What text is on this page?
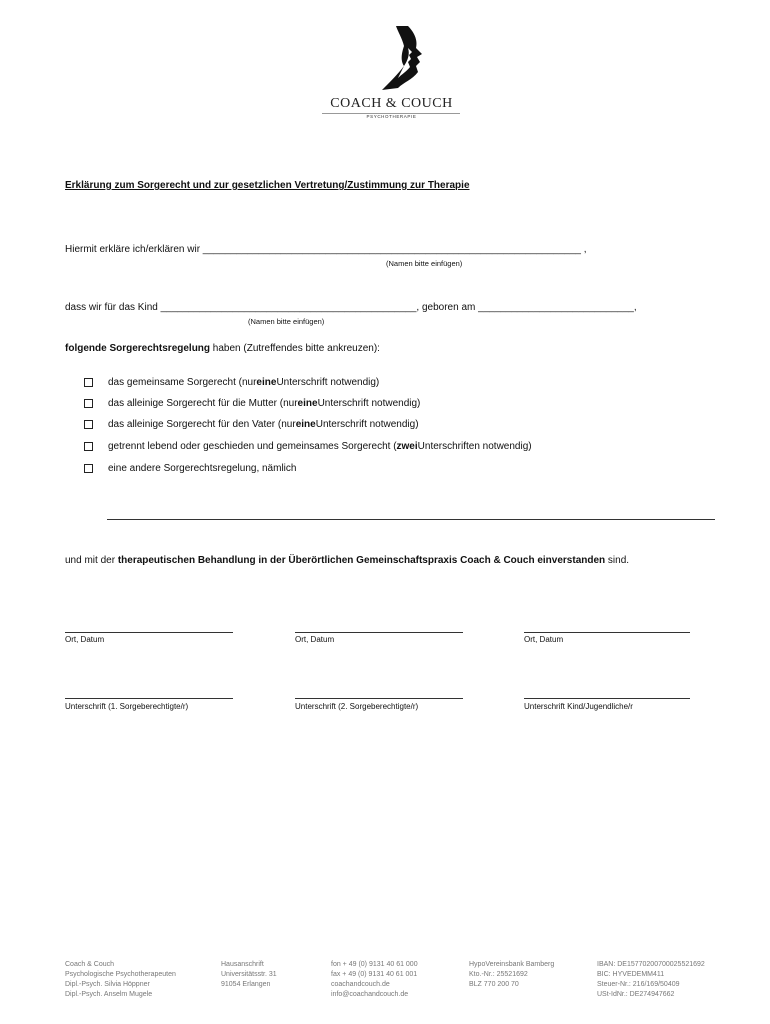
COACH & COUCH
PSYCHOTHERAPIE
Erklärung zum Sorgerecht und zur gesetzlichen Vertretung/Zustimmung zur Therapie
Hiermit erkläre ich/erklären wir ____________________________________________________________________ ,
(Namen bitte einfügen)
dass wir für das Kind ______________________________________________, geboren am ____________________________,
(Namen bitte einfügen)
folgende Sorgerechtsregelung haben (Zutreffendes bitte ankreuzen):
das gemeinsame Sorgerecht (nur eine Unterschrift notwendig)
das alleinige Sorgerecht für die Mutter (nur eine Unterschrift notwendig)
das alleinige Sorgerecht für den Vater (nur eine Unterschrift notwendig)
getrennt lebend oder geschieden und gemeinsames Sorgerecht ( zwei Unterschriften notwendig)
eine andere Sorgerechtsregelung, nämlich
und mit der therapeutischen Behandlung in der Überörtlichen Gemeinschaftspraxis Coach & Couch einverstanden sind.
Ort, Datum	Ort, Datum	Ort, Datum
Unterschrift (1. Sorgeberechtigte/r)	Unterschrift (2. Sorgeberechtigte/r)	Unterschrift Kind/Jugendliche/r
Coach & Couch
Psychologische Psychotherapeuten
Dipl.-Psych. Silvia Höppner
Dipl.-Psych. Anselm Mugele
Hausanschrift
Universitätsstr. 31
91054 Erlangen
fon + 49 (0) 9131 40 61 000
fax + 49 (0) 9131 40 61 001
coachandcouch.de
info@coachandcouch.de
HypoVereinsbank Bamberg
Kto.-Nr.: 25521692
BLZ 770 200 70
IBAN: DE15770200700025521692
BIC: HYVEDEMM411
Steuer-Nr.: 216/169/50409
USt-IdNr.: DE274947662
